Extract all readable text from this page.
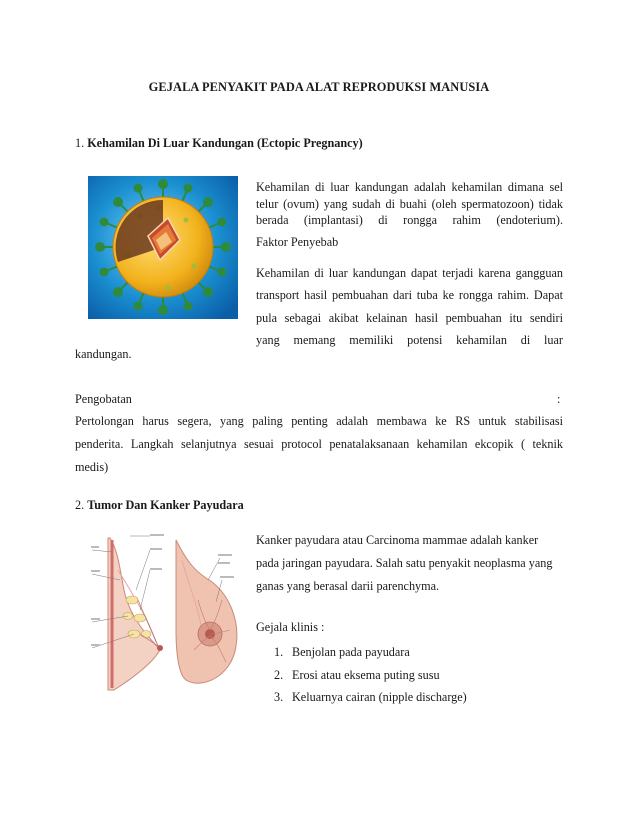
GEJALA PENYAKIT PADA ALAT REPRODUKSI MANUSIA
1. Kehamilan Di Luar Kandungan (Ectopic Pregnancy)
Kehamilan di luar kandungan adalah kehamilan dimana sel
telur (ovum) yang sudah di buahi (oleh spermatozoon) tidak
berada (implantasi) di rongga rahim (endoterium).
Faktor Penyebab
Kehamilan di luar kandungan dapat terjadi karena gangguan
transport hasil pembuahan dari tuba ke rongga rahim. Dapat
pula sebagai akibat kelainan hasil pembuahan itu sendiri
yang memang memiliki potensi kehamilan di luar
kandungan.
Pengobatan	:
Pertolongan harus segera, yang paling penting adalah membawa ke RS untuk stabilisasi
penderita. Langkah selanjutnya sesuai protocol penatalaksanaan kehamilan ekcopik ( teknik
medis)
2. Tumor Dan Kanker Payudara
Kanker payudara atau Carcinoma mammae adalah kanker
pada jaringan payudara. Salah satu penyakit neoplasma yang
ganas yang berasal darii parenchyma.
Gejala klinis :
1. Benjolan pada payudara
2. Erosi atau eksema puting susu
3. Keluarnya cairan (nipple discharge)
